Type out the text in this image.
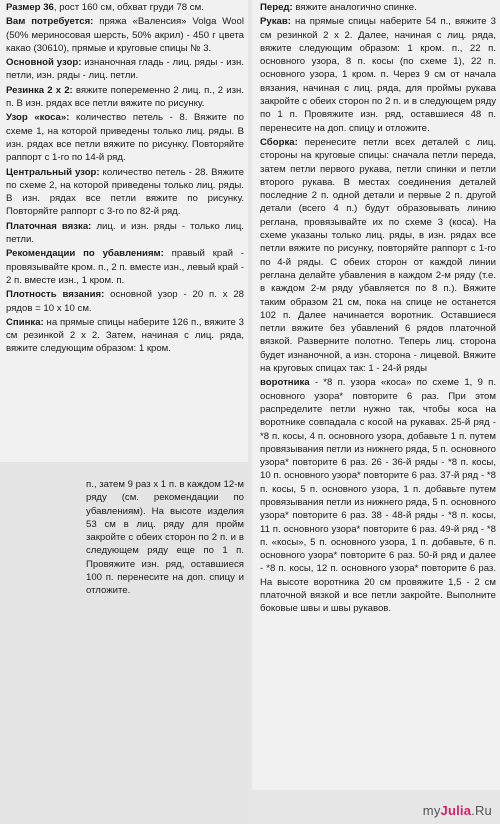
Размер 36, рост 160 см, обхват груди 78 см.

Вам потребуется: пряжа «Валенсия» Volga Wool (50% мериносовая шерсть, 50% акрил) - 450 г цвета какао (30610), прямые и круговые спицы № 3.

Основной узор: изнаночная гладь - лиц. ряды - изн. петли, изн. ряды - лиц. петли.

Резинка 2 х 2: вяжите попеременно 2 лиц. п., 2 изн. п. В изн. рядах все петли вяжите по рисунку.

Узор «коса»: количество петель - 8. Вяжите по схеме 1, на которой приведены только лиц. ряды. В изн. рядах все петли вяжите по рисунку. Повторяйте раппорт с 1-го по 14-й ряд.

Центральный узор: количество петель - 28. Вяжите по схеме 2, на которой приведены только лиц. ряды. В изн. рядах все петли вяжите по рисунку. Повторяйте раппорт с 3-го по 82-й ряд.

Платочная вязка: лиц. и изн. ряды - только лиц. петли.

Рекомендации по убавлениям: правый край - провязывайте кром. п., 2 п. вместе изн., левый край - 2 п. вместе изн., 1 кром. п.

Плотность вязания: основной узор - 20 п. х 28 рядов = 10 х 10 см.

Спинка: на прямые спицы наберите 126 п., вяжите 3 см резинкой 2 х 2. Затем, начиная с лиц. ряда, вяжите следующим образом: 1 кром.

п., затем 9 раз х 1 п. в каждом 12-м ряду (см. рекомендации по убавлениям). На высоте изделия 53 см в лиц. ряду для пройм закройте с обеих сторон по 2 п. и в следующем ряду еще по 1 п. Провяжите изн. ряд, оставшиеся 100 п. перенесите на доп. спицу и отложите.

Перед: вяжите аналогично спинке.

Рукав: на прямые спицы наберите 54 п., вяжите 3 см резинкой 2 х 2. Далее, начиная с лиц. ряда, вяжите следующим образом: 1 кром. п., 22 п. основного узора, 8 п. косы (по схеме 1), 22 п. основного узора, 1 кром. п. Через 9 см от начала вязания, начиная с лиц. ряда, для проймы рукава закройте с обеих сторон по 2 п. и в следующем ряду по 1 п. Провяжите изн. ряд, оставшиеся 48 п. перенесите на доп. спицу и отложите.

Сборка: перенесите петли всех деталей с лиц. стороны на круговые спицы: сначала петли переда, затем петли первого рукава, петли спинки и петли второго рукава. В местах соединения деталей последние 2 п. одной детали и первые 2 п. другой детали (всего 4 п.) будут образовывать линию реглана, провязывайте их по схеме 3 (коса). На схеме указаны только лиц. ряды, в изн. рядах все петли вяжите по рисунку, повторяйте раппорт с 1-го по 4-й ряды. С обеих сторон от каждой линии реглана делайте убавления в каждом 2-м ряду (т.е. в каждом 2-м ряду убавляется по 8 п.). Вяжите таким образом 21 см, пока на спице не останется 102 п. Далее начинается воротник. Оставшиеся петли вяжите без убавлений 6 рядов платочной вязкой. Разверните полотно. Теперь лиц. сторона будет изнаночной, а изн. сторона - лицевой. Вяжите на круговых спицах так: 1 - 24-й ряды

воротника - *8 п. узора «коса» по схеме 1, 9 п. основного узора* повторите 6 раз. При этом распределите петли нужно так, чтобы коса на воротнике совпадала с косой на рукавах. 25-й ряд - *8 п. косы, 4 п. основного узора, добавьте 1 п. путем провязывания петли из нижнего ряда, 5 п. основного узора* повторите 6 раз. 26 - 36-й ряды - *8 п. косы, 10 п. основного узора* повторите 6 раз. 37-й ряд - *8 п. косы, 5 п. основного узора, 1 п. добавьте путем провязывания петли из нижнего ряда, 5 п. основного узора* повторите 6 раз. 38 - 48-й ряды - *8 п. косы, 11 п. основного узора* повторите 6 раз. 49-й ряд - *8 п. «косы», 5 п. основного узора, 1 п. добавьте, 6 п. основного узора* повторите 6 раз. 50-й ряд и далее - *8 п. косы, 12 п. основного узора* повторите 6 раз. На высоте воротника 20 см провяжите 1,5 - 2 см платочной вязкой и все петли закройте. Выполните боковые швы и швы рукавов.

myJulia.Ru
